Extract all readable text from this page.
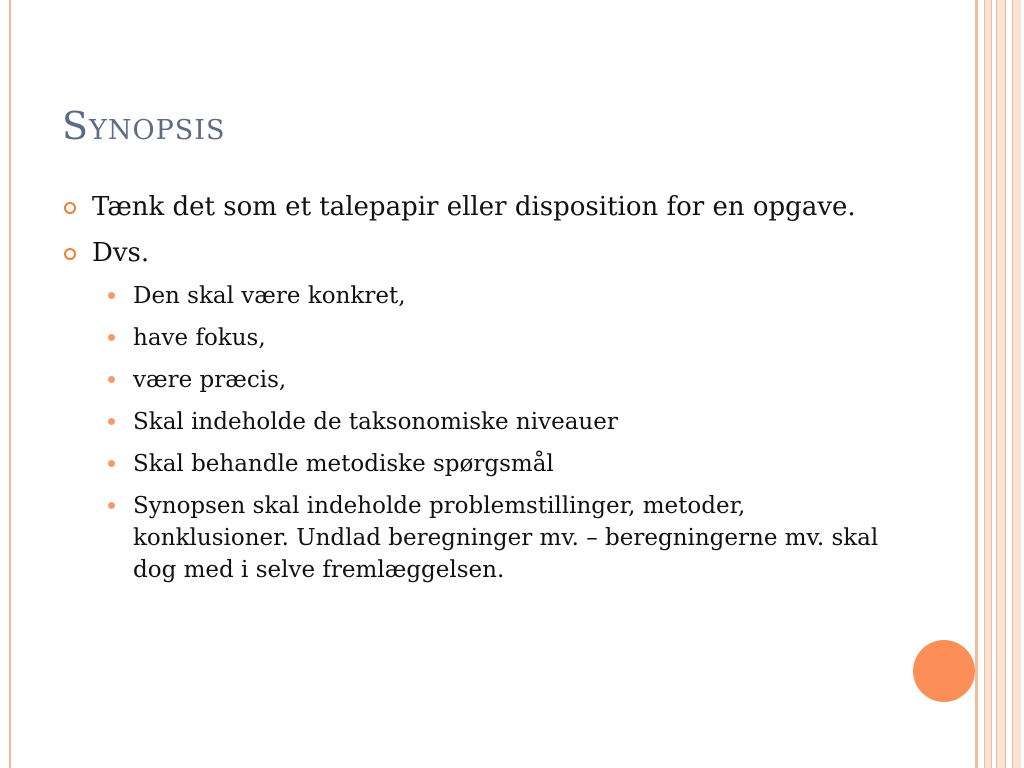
Synopsis
Tænk det som et talepapir eller disposition for en opgave.
Dvs.
Den skal være konkret,
have fokus,
være præcis,
Skal indeholde de taksonomiske niveauer
Skal behandle metodiske spørgsmål
Synopsen skal indeholde problemstillinger, metoder, konklusioner. Undlad beregninger mv. – beregningerne mv. skal dog med i selve fremlæggelsen.
